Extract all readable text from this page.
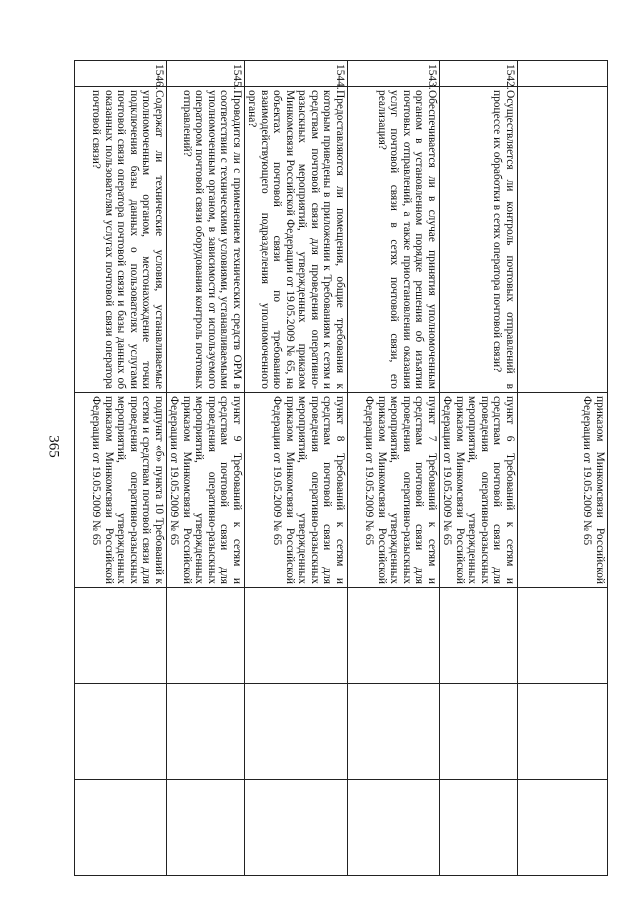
365
			приказом Минкомсвязи Российской Федерации от 19.05.2009 № 65			
1542.	Осуществляется ли контроль почтовых отправлений в процессе их обработки в сетях оператора почтовой связи?	пункт 6 Требований к сетям и средствам почтовой связи для проведения оперативно-разыскных мероприятий, утвержденных приказом Минкомсвязи Российской Федерации от 19.05.2009 № 65			
1543.	Обеспечивается ли в случае принятия уполномоченным органом в установленном порядке решения об изъятии почтовых отправлений, а также приостановлении оказания услуг почтовой связи в сетях почтовой связи, его реализация?	пункт 7 Требований к сетям и средствам почтовой связи для проведения оперативно-разыскных мероприятий, утвержденных приказом Минкомсвязи Российской Федерации от 19.05.2009 № 65			
1544.	Предоставляются ли помещения, общие требования к которым приведены в приложении к Требованиям к сетям и средствам почтовой связи для проведения оперативно-разыскных мероприятий, утвержденных приказом Минкомсвязи Российской Федерации от 19.05.2009 № 65, на объектах почтовой связи по требованию взаимодействующего подразделения уполномоченного органа?	пункт 8 Требований к сетям и средствам почтовой связи для проведения оперативно-разыскных мероприятий, утвержденных приказом Минкомсвязи Российской Федерации от 19.05.2009 № 65			
1545.	Проводится ли с применением технических средств ОРМ в соответствии с техническими условиями, устанавливаемыми уполномоченным органом, в зависимости от используемого оператором почтовой связи оборудования контроль почтовых отправлений?	пункт 9 Требований к сетям и средствам почтовой связи для проведения оперативно-разыскных мероприятий, утвержденных приказом Минкомсвязи Российской Федерации от 19.05.2009 № 65			
1546.	Содержат ли технические условия, устанавливаемые уполномоченным органом, местонахождение точки подключения базы данных о пользователях услугами почтовой связи оператора почтовой связи и базы данных об оказанных пользователям услугах почтовой связи оператора почтовой связи?	подпункт «б» пункта 10 Требований к сетям и средствам почтовой связи для проведения оперативно-разыскных мероприятий, утвержденных приказом Минкомсвязи Российской Федерации от 19.05.2009 № 65			
